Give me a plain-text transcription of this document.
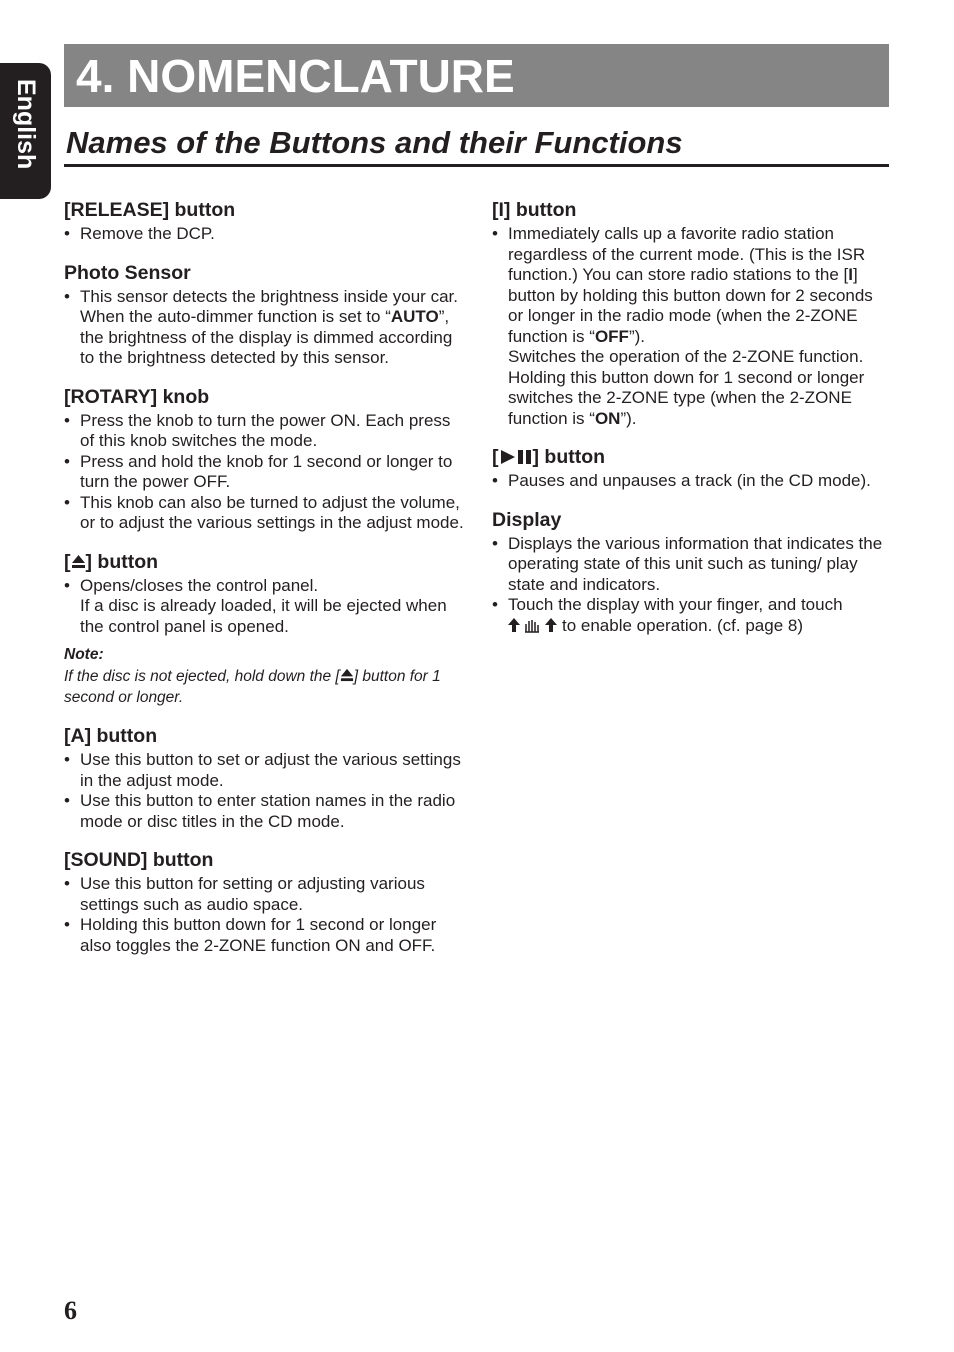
English
4. NOMENCLATURE
Names of the Buttons and their Functions
[RELEASE] button
• Remove the DCP.
Photo Sensor
• This sensor detects the brightness inside your car. When the auto-dimmer function is set to “AUTO”, the brightness of the display is dimmed according to the brightness detected by this sensor.
[ROTARY] knob
• Press the knob to turn the power ON. Each press of this knob switches the mode.
• Press and hold the knob for 1 second or longer to turn the power OFF.
• This knob can also be turned to adjust the volume, or to adjust the various settings in the adjust mode.
[ ] button

• Opens/closes the control panel.

If a disc is already loaded, it will be ejected when the control panel is opened.

Note:
If the disc is not ejected, hold down the [ ] button for 1 second or longer.
[A] button
• Use this button to set or adjust the various settings in the adjust mode.
• Use this button to enter station names in the radio mode or disc titles in the CD mode.
[SOUND] button
• Use this button for setting or adjusting various settings such as audio space.
• Holding this button down for 1 second or longer also toggles the 2-ZONE function ON and OFF.
[I] button

• Immediately calls up a favorite radio station regardless of the current mode. (This is the ISR function.) You can store radio stations to the [I] button by holding this button down for 2 seconds or longer in the radio mode (when the 2-ZONE function is “OFF”).

Switches the operation of the 2-ZONE function. Holding this button down for 1 second or longer switches the 2-ZONE type (when the 2-ZONE function is “ON”).

[ ] button
• Pauses and unpauses a track (in the CD mode).
Display
• Displays the various information that indicates the operating state of this unit such as tuning/ play state and indicators.

• Touch the display with your finger, and touch

to enable operation. (cf. page 8)

6
